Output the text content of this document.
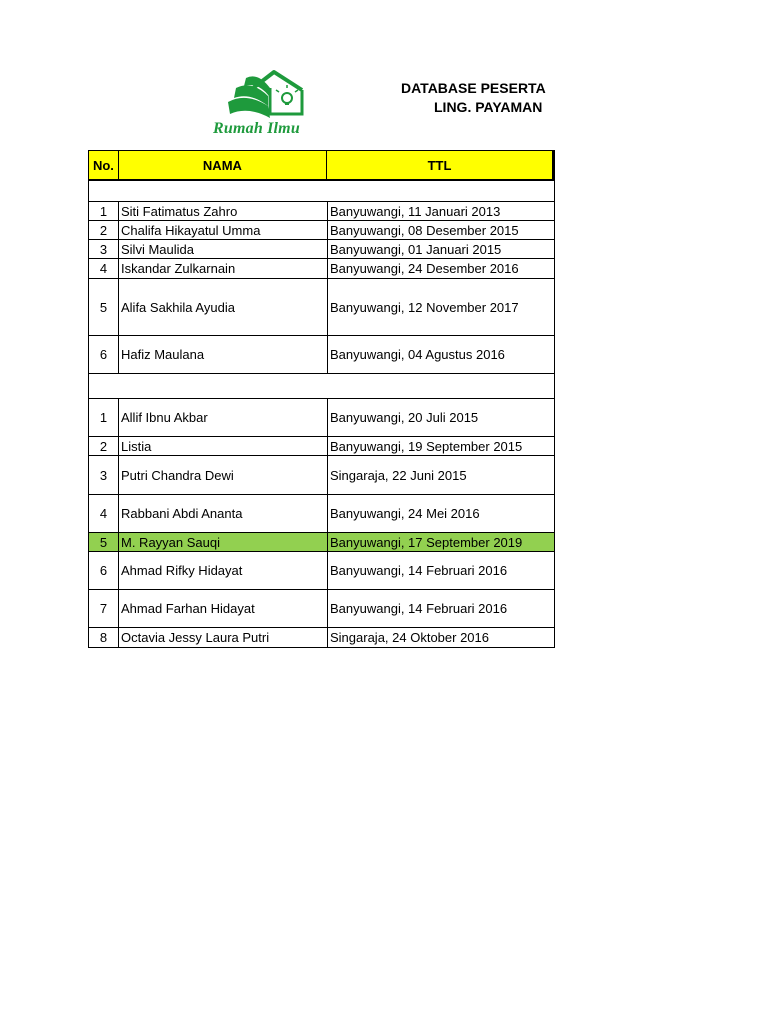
Rumah Ilmu
DATABASE PESERTA
LING. PAYAMAN
No.	NAMA	TTL
1	Siti Fatimatus Zahro	Banyuwangi, 11 Januari 2013
2	Chalifa Hikayatul Umma	Banyuwangi, 08 Desember 2015
3	Silvi Maulida	Banyuwangi, 01 Januari 2015
4	Iskandar Zulkarnain	Banyuwangi, 24 Desember 2016
5	Alifa Sakhila Ayudia	Banyuwangi, 12 November 2017
6	Hafiz Maulana	Banyuwangi, 04 Agustus 2016
1	Allif Ibnu Akbar	Banyuwangi, 20 Juli 2015
2	Listia	Banyuwangi, 19 September 2015
3	Putri Chandra Dewi	Singaraja, 22 Juni 2015
4	Rabbani Abdi Ananta	Banyuwangi, 24 Mei 2016
5	M. Rayyan Sauqi	Banyuwangi, 17 September 2019
6	Ahmad Rifky Hidayat	Banyuwangi, 14 Februari 2016
7	Ahmad Farhan Hidayat	Banyuwangi, 14 Februari 2016
8	Octavia Jessy Laura Putri	Singaraja, 24 Oktober 2016
